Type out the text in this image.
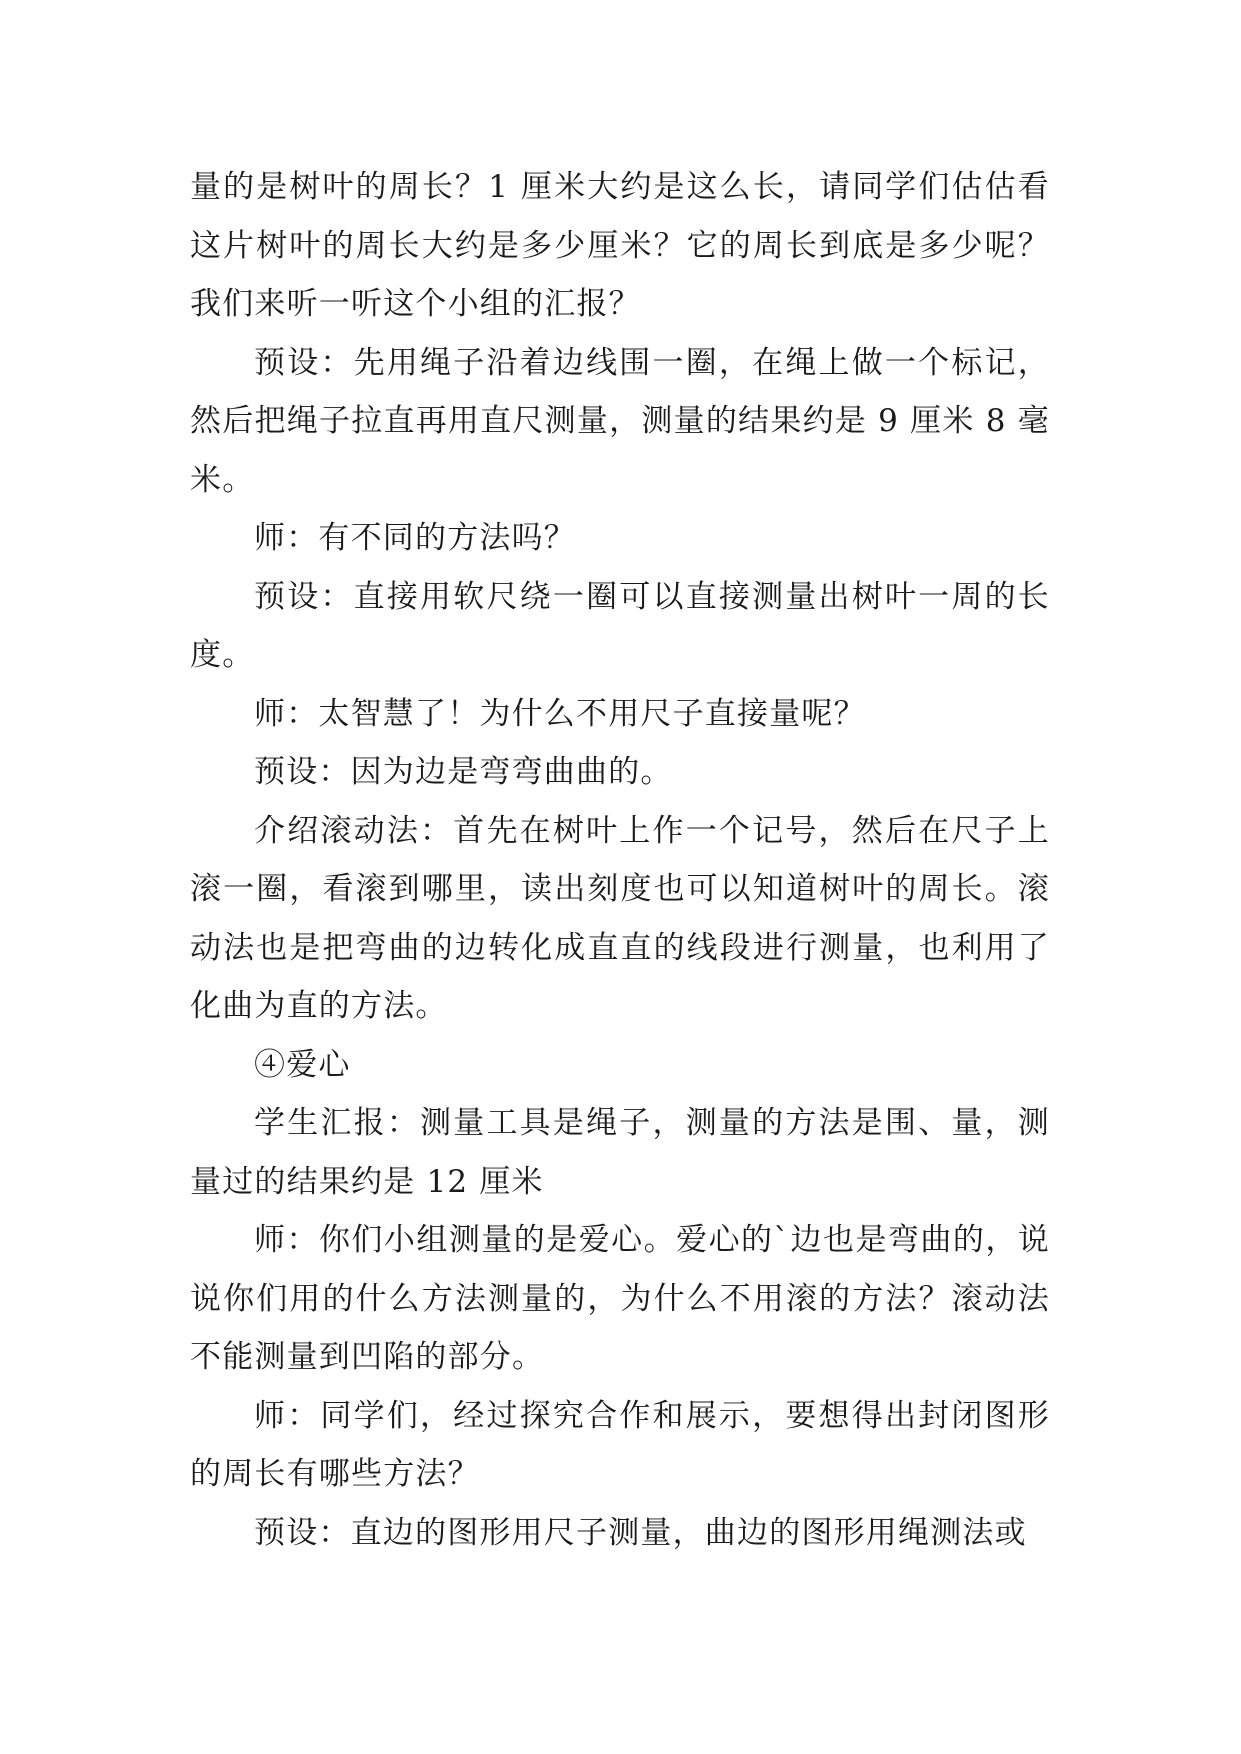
量的是树叶的周长？1 厘米大约是这么长，请同学们估估看这片树叶的周长大约是多少厘米？它的周长到底是多少呢？我们来听一听这个小组的汇报？

预设：先用绳子沿着边线围一圈，在绳上做一个标记，然后把绳子拉直再用直尺测量，测量的结果约是 9 厘米 8 毫米。

师：有不同的方法吗？

预设：直接用软尺绕一圈可以直接测量出树叶一周的长度。

师：太智慧了！为什么不用尺子直接量呢？

预设：因为边是弯弯曲曲的。

介绍滚动法：首先在树叶上作一个记号，然后在尺子上滚一圈，看滚到哪里，读出刻度也可以知道树叶的周长。滚动法也是把弯曲的边转化成直直的线段进行测量，也利用了化曲为直的方法。

④爱心

学生汇报：测量工具是绳子，测量的方法是围、量，测量过的结果约是 12 厘米

师：你们小组测量的是爱心。爱心的`边也是弯曲的，说说你们用的什么方法测量的，为什么不用滚的方法？滚动法不能测量到凹陷的部分。

师：同学们，经过探究合作和展示，要想得出封闭图形的周长有哪些方法？

预设：直边的图形用尺子测量，曲边的图形用绳测法或
